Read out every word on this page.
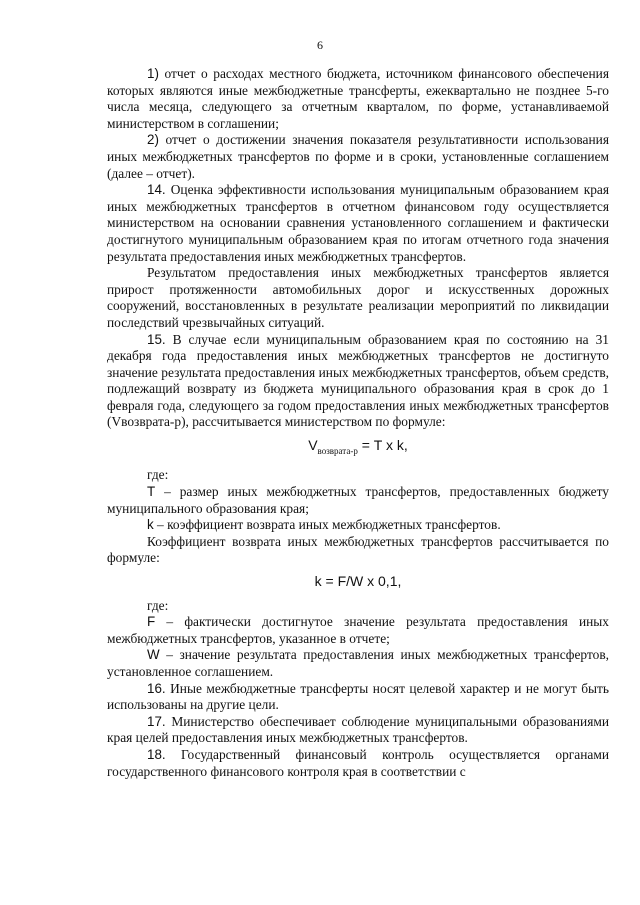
6

1) отчет о расходах местного бюджета, источником финансового обеспечения которых являются иные межбюджетные трансферты, ежеквартально не позднее 5-го числа месяца, следующего за отчетным кварталом, по форме, устанавливаемой министерством в соглашении;

2) отчет о достижении значения показателя результативности использования иных межбюджетных трансфертов по форме и в сроки, установленные соглашением (далее – отчет).

14. Оценка эффективности использования муниципальным образованием края иных межбюджетных трансфертов в отчетном финансовом году осуществляется министерством на основании сравнения установленного соглашением и фактически достигнутого муниципальным образованием края по итогам отчетного года значения результата предоставления иных межбюджетных трансфертов.

Результатом предоставления иных межбюджетных трансфертов является прирост протяженности автомобильных дорог и искусственных дорожных сооружений, восстановленных в результате реализации мероприятий по ликвидации последствий чрезвычайных ситуаций.

15. В случае если муниципальным образованием края по состоянию на 31 декабря года предоставления иных межбюджетных трансфертов не достигнуто значение результата предоставления иных межбюджетных трансфертов, объем средств, подлежащий возврату из бюджета муниципального образования края в срок до 1 февраля года, следующего за годом предоставления иных межбюджетных трансфертов (Vвозврата-р), рассчитывается министерством по формуле:

$V_{возврата-р} = T$ x k,

где:

T – размер иных межбюджетных трансфертов, предоставленных бюджету муниципального образования края;

k – коэффициент возврата иных межбюджетных трансфертов.

Коэффициент возврата иных межбюджетных трансфертов рассчитывается по формуле:

k = F/W x 0,1,

где:

F – фактически достигнутое значение результата предоставления иных межбюджетных трансфертов, указанное в отчете;

W – значение результата предоставления иных межбюджетных трансфертов, установленное соглашением.

16. Иные межбюджетные трансферты носят целевой характер и не могут быть использованы на другие цели.

17. Министерство обеспечивает соблюдение муниципальными образованиями края целей предоставления иных межбюджетных трансфертов.

18. Государственный финансовый контроль осуществляется органами государственного финансового контроля края в соответствии с
